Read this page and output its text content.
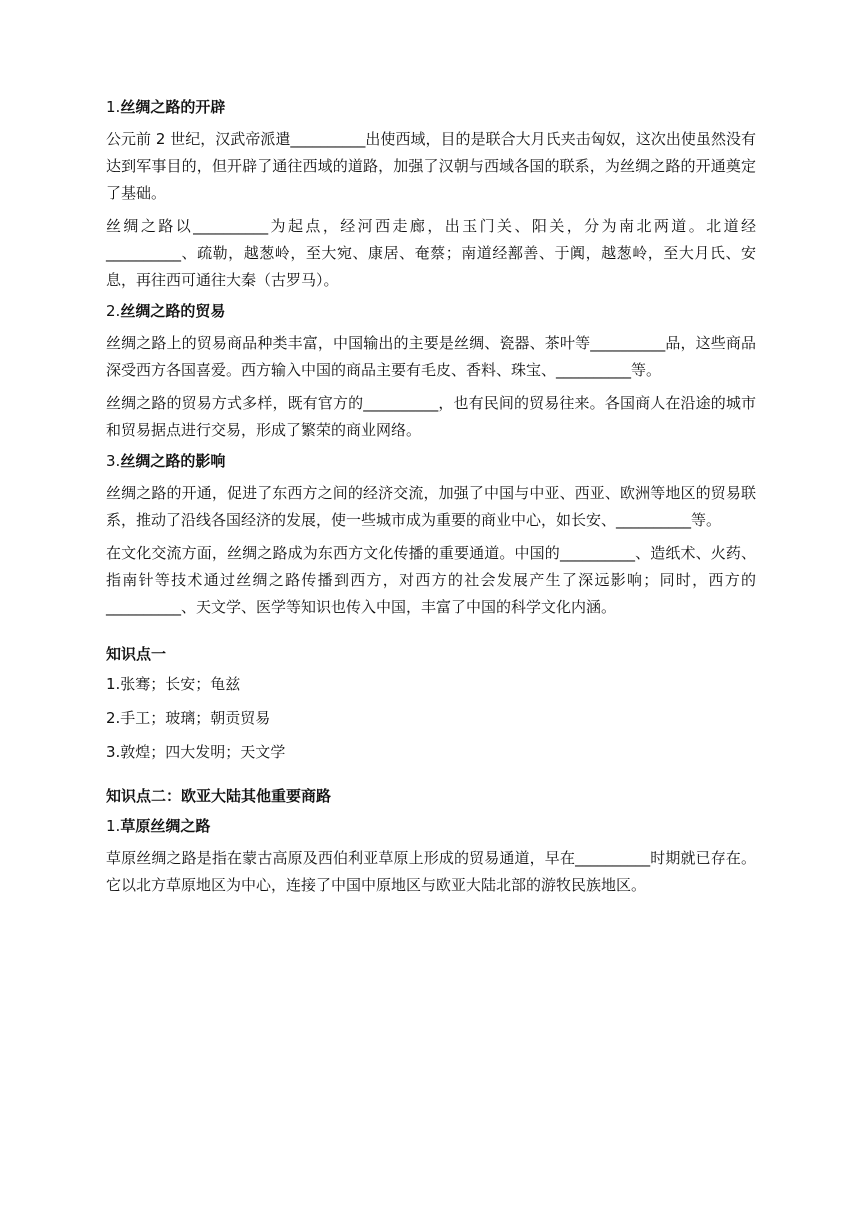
1.丝绸之路的开辟
公元前 2 世纪，汉武帝派遣__________出使西域，目的是联合大月氏夹击匈奴，这次出使虽然没有达到军事目的，但开辟了通往西域的道路，加强了汉朝与西域各国的联系，为丝绸之路的开通奠定了基础。
丝绸之路以__________为起点，经河西走廊，出玉门关、阳关，分为南北两道。北道经__________、疏勒，越葱岭，至大宛、康居、奄蔡；南道经鄯善、于阗，越葱岭，至大月氏、安息，再往西可通往大秦（古罗马）。
2.丝绸之路的贸易
丝绸之路上的贸易商品种类丰富，中国输出的主要是丝绸、瓷器、茶叶等__________品，这些商品深受西方各国喜爱。西方输入中国的商品主要有毛皮、香料、珠宝、__________等。
丝绸之路的贸易方式多样，既有官方的__________，也有民间的贸易往来。各国商人在沿途的城市和贸易据点进行交易，形成了繁荣的商业网络。
3.丝绸之路的影响
丝绸之路的开通，促进了东西方之间的经济交流，加强了中国与中亚、西亚、欧洲等地区的贸易联系，推动了沿线各国经济的发展，使一些城市成为重要的商业中心，如长安、__________等。
在文化交流方面，丝绸之路成为东西方文化传播的重要通道。中国的__________、造纸术、火药、指南针等技术通过丝绸之路传播到西方，对西方的社会发展产生了深远影响；同时，西方的__________、天文学、医学等知识也传入中国，丰富了中国的科学文化内涵。
知识点一
1.张骞；长安；龟兹
2.手工；玻璃；朝贡贸易
3.敦煌；四大发明；天文学
知识点二：欧亚大陆其他重要商路
1.草原丝绸之路
草原丝绸之路是指在蒙古高原及西伯利亚草原上形成的贸易通道，早在__________时期就已存在。它以北方草原地区为中心，连接了中国中原地区与欧亚大陆北部的游牧民族地区。
